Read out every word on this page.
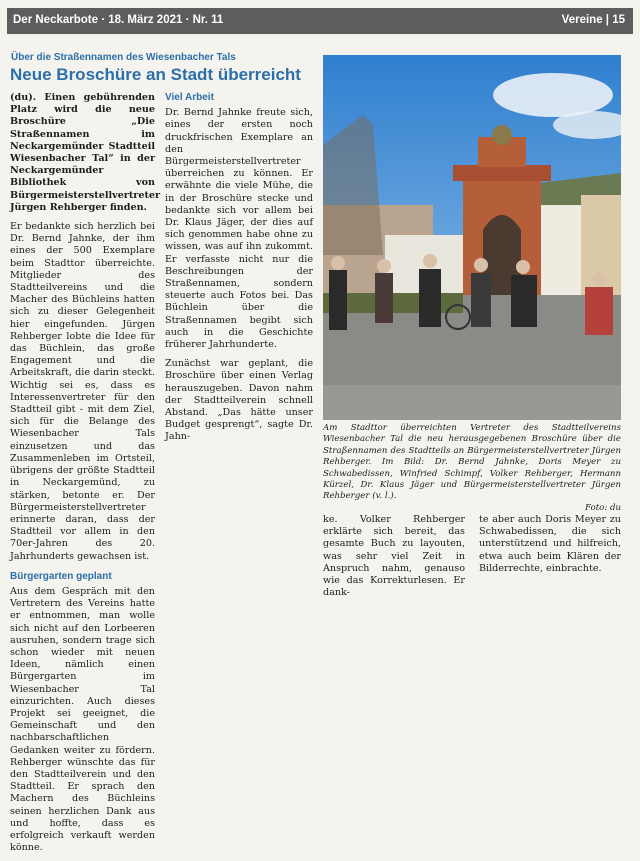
Der Neckarbote · 18. März 2021 · Nr. 11	Vereine | 15
Über die Straßennamen des Wiesenbacher Tals
Neue Broschüre an Stadt überreicht

(du). Einen gebührenden Platz wird die neue Broschüre „Die Straßennamen im Neckargemünder Stadtteil Wiesenbacher Tal“ in der Neckargemünder Bibliothek von Bürgermeisterstellvertreter Jürgen Rehberger finden.

Er bedankte sich herzlich bei Dr. Bernd Jahnke, der ihm eines der 500 Exemplare beim Stadttor überreichte. Mitglieder des Stadtteilvereins und die Macher des Büchleins hatten sich zu dieser Gelegenheit hier eingefunden. Jürgen Rehberger lobte die Idee für das Büchlein, das große Engagement und die Arbeitskraft, die darin steckt. Wichtig sei es, dass es Interessenvertreter für den Stadtteil gibt - mit dem Ziel, sich für die Belange des Wiesenbacher Tals einzusetzen und das Zusammenleben im Ortsteil, übrigens der größte Stadtteil in Neckargemünd, zu stärken, betonte er. Der Bürgermeisterstellvertreter erinnerte daran, dass der Stadtteil vor allem in den 70er-Jahren des 20. Jahrhunderts gewachsen ist.

Bürgergarten geplant

Aus dem Gespräch mit den Vertretern des Vereins hatte er entnommen, man wolle sich nicht auf den Lorbeeren ausruhen, sondern trage sich schon wieder mit neuen Ideen, nämlich einen Bürgergarten im Wiesenbacher Tal einzurichten. Auch dieses Projekt sei geeignet, die Gemeinschaft und den nachbarschaftlichen Gedanken weiter zu fördern. Rehberger wünschte das für den Stadtteilverein und den Stadtteil. Er sprach den Machern des Büchleins seinen herzlichen Dank aus und hoffte, dass es erfolgreich verkauft werden könne.

Viel Arbeit

Dr. Bernd Jahnke freute sich, eines der ersten noch druckfrischen Exemplare an den Bürgermeisterstellvertreter überreichen zu können. Er erwähnte die viele Mühe, die in der Broschüre stecke und bedankte sich vor allem bei Dr. Klaus Jäger, der dies auf sich genommen habe ohne zu wissen, was auf ihn zukommt. Er verfasste nicht nur die Beschreibungen der Straßennamen, sondern steuerte auch Fotos bei. Das Büchlein über die Straßennamen begibt sich auch in die Geschichte früherer Jahrhunderte.

Zunächst war geplant, die Broschüre über einen Verlag herauszugeben. Davon nahm der Stadtteilverein schnell Abstand. „Das hätte unser Budget gesprengt“, sagte Dr. Jahn-

Am Stadttor überreichten Vertreter des Stadtteilvereins Wiesenbacher Tal die neu herausgegebenen Broschüre über die Straßennamen des Stadtteils an Bürgermeisterstellvertreter Jürgen Rehberger. Im Bild: Dr. Bernd Jahnke, Doris Meyer zu Schwabedissen, Winfried Schimpf, Volker Rehberger, Hermann Kürzel, Dr. Klaus Jäger und Bürgermeisterstellvertreter Jürgen Rehberger (v. l.).
Foto: du
ke. Volker Rehberger erklärte sich bereit, das gesamte Buch zu layouten, was sehr viel Zeit in Anspruch nahm, genauso wie das Korrekturlesen. Er dank-
te aber auch Doris Meyer zu Schwabedissen, die sich unterstützend und hilfreich, etwa auch beim Klären der Bilderrechte, einbrachte.
